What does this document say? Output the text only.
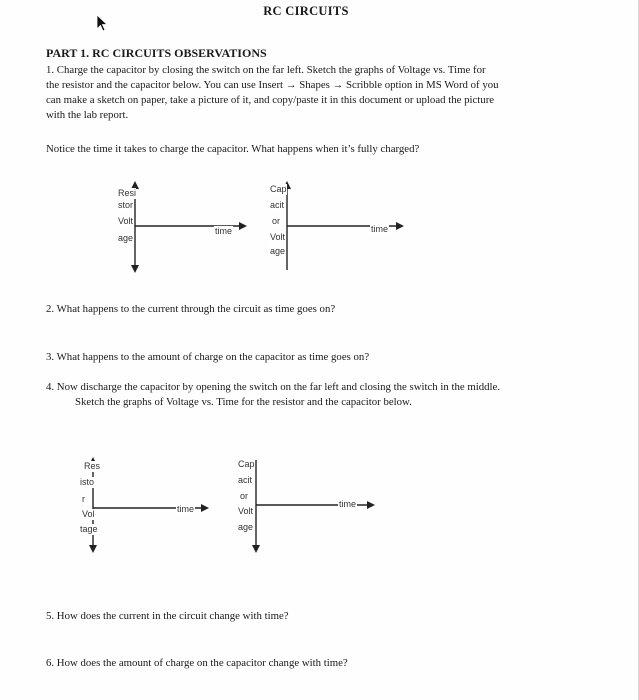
RC CIRCUITS
PART 1. RC CIRCUITS OBSERVATIONS
1. Charge the capacitor by closing the switch on the far left. Sketch the graphs of Voltage vs. Time for
the resistor and the capacitor below. You can use Insert → Shapes → Scribble option in MS Word of you
can make a sketch on paper, take a picture of it, and copy/paste it in this document or upload the picture
with the lab report.
Notice the time it takes to charge the capacitor. What happens when it’s fully charged?
Resi
stor
Volt
age
time
Cap
acit
or
Volt
age
time
2. What happens to the current through the circuit as time goes on?
3. What happens to the amount of charge on the capacitor as time goes on?
4. Now discharge the capacitor by opening the switch on the far left and closing the switch in the middle.
Sketch the graphs of Voltage vs. Time for the resistor and the capacitor below.
Res
isto
r
Vol
tage
time
Cap
acit
or
Volt
age
time
5. How does the current in the circuit change with time?
6. How does the amount of charge on the capacitor change with time?
